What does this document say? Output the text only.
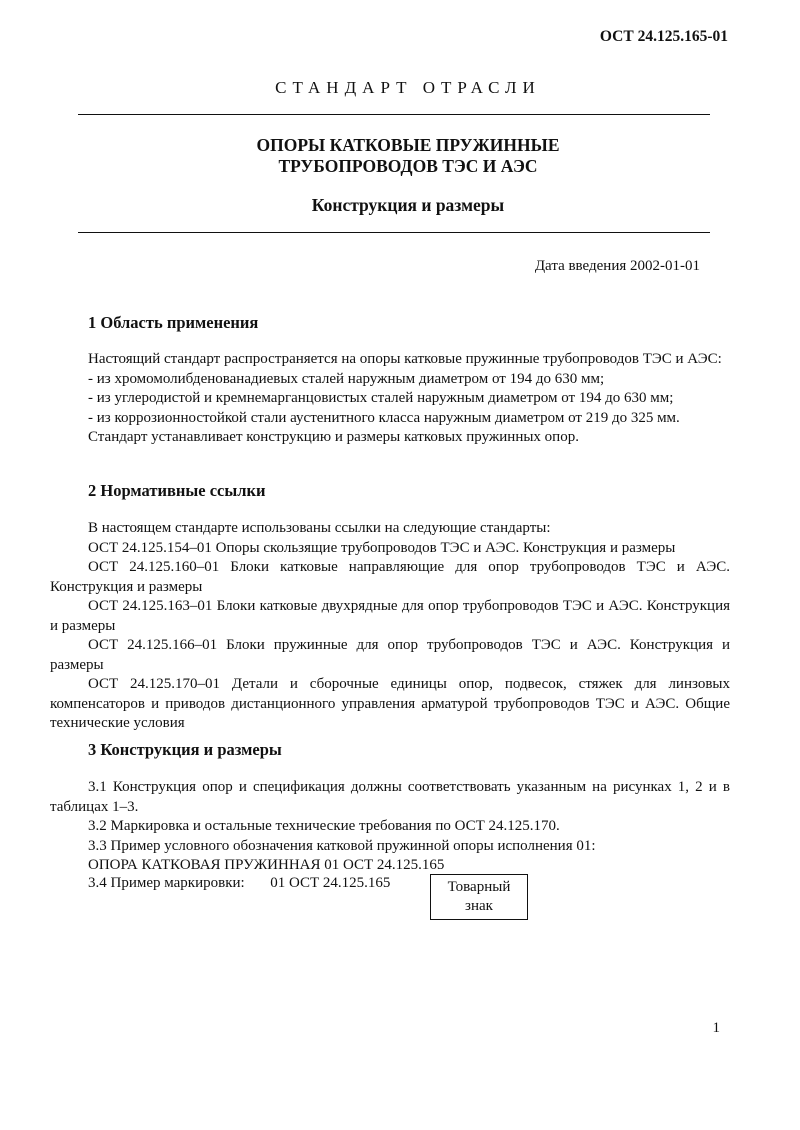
ОСТ 24.125.165-01
СТАНДАРТ ОТРАСЛИ
ОПОРЫ КАТКОВЫЕ ПРУЖИННЫЕ
ТРУБОПРОВОДОВ ТЭС И АЭС
Конструкция и размеры
Дата введения 2002-01-01
1 Область применения

Настоящий стандарт распространяется на опоры катковые пружинные трубопроводов ТЭС и АЭС:

- из хромомолибденованадиевых сталей наружным диаметром от 194 до 630 мм;

- из углеродистой и кремнемарганцовистых сталей наружным диаметром от 194 до 630 мм;

- из коррозионностойкой стали аустенитного класса наружным диаметром от 219 до 325 мм.

Стандарт устанавливает конструкцию и размеры катковых пружинных опор.

2 Нормативные ссылки

В настоящем стандарте использованы ссылки на следующие стандарты:

ОСТ 24.125.154–01 Опоры скользящие трубопроводов ТЭС и АЭС. Конструкция и размеры

ОСТ 24.125.160–01 Блоки катковые направляющие для опор трубопроводов ТЭС и АЭС. Конструкция и размеры

ОСТ 24.125.163–01 Блоки катковые двухрядные для опор трубопроводов ТЭС и АЭС. Конструкция и размеры

ОСТ 24.125.166–01 Блоки пружинные для опор трубопроводов ТЭС и АЭС. Конструкция и размеры

ОСТ 24.125.170–01 Детали и сборочные единицы опор, подвесок, стяжек для линзовых компенсаторов и приводов дистанционного управления арматурой трубопроводов ТЭС и АЭС. Общие технические условия

3 Конструкция и размеры

3.1 Конструкция опор и спецификация должны соответствовать указанным на рисунках 1, 2 и в таблицах 1–3.

3.2 Маркировка и остальные технические требования по ОСТ 24.125.170.

3.3 Пример условного обозначения катковой пружинной опоры исполнения 01:

ОПОРА КАТКОВАЯ ПРУЖИННАЯ 01 ОСТ 24.125.165

3.4 Пример маркировки: 01 ОСТ 24.125.165	Товарный
знак
1
